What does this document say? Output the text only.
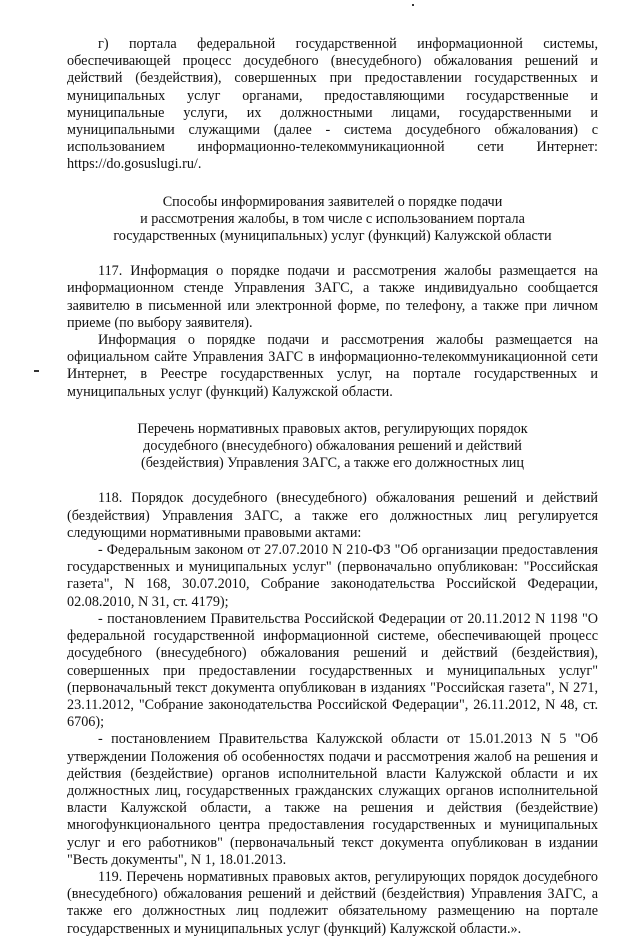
г) портала федеральной государственной информационной системы, обеспечивающей процесс досудебного (внесудебного) обжалования решений и действий (бездействия), совершенных при предоставлении государственных и муниципальных услуг органами, предоставляющими государственные и муниципальные услуги, их должностными лицами, государственными и муниципальными служащими (далее - система досудебного обжалования) с использованием информационно-телекоммуникационной сети Интернет: https://do.gosuslugi.ru/.

Способы информирования заявителей о порядке подачи
и рассмотрения жалобы, в том числе с использованием портала
государственных (муниципальных) услуг (функций) Калужской области

117. Информация о порядке подачи и рассмотрения жалобы размещается на информационном стенде Управления ЗАГС, а также индивидуально сообщается заявителю в письменной или электронной форме, по телефону, а также при личном приеме (по выбору заявителя).

Информация о порядке подачи и рассмотрения жалобы размещается на официальном сайте Управления ЗАГС в информационно-телекоммуникационной сети Интернет, в Реестре государственных услуг, на портале государственных и муниципальных услуг (функций) Калужской области.

Перечень нормативных правовых актов, регулирующих порядок
досудебного (внесудебного) обжалования решений и действий
(бездействия) Управления ЗАГС, а также его должностных лиц

118. Порядок досудебного (внесудебного) обжалования решений и действий (бездействия) Управления ЗАГС, а также его должностных лиц регулируется следующими нормативными правовыми актами:

- Федеральным законом от 27.07.2010 N 210-ФЗ "Об организации предоставления государственных и муниципальных услуг" (первоначально опубликован: "Российская газета", N 168, 30.07.2010, Собрание законодательства Российской Федерации, 02.08.2010, N 31, ст. 4179);

- постановлением Правительства Российской Федерации от 20.11.2012 N 1198 "О федеральной государственной информационной системе, обеспечивающей процесс досудебного (внесудебного) обжалования решений и действий (бездействия), совершенных при предоставлении государственных и муниципальных услуг" (первоначальный текст документа опубликован в изданиях "Российская газета", N 271, 23.11.2012, "Собрание законодательства Российской Федерации", 26.11.2012, N 48, ст. 6706);

- постановлением Правительства Калужской области от 15.01.2013 N 5 "Об утверждении Положения об особенностях подачи и рассмотрения жалоб на решения и действия (бездействие) органов исполнительной власти Калужской области и их должностных лиц, государственных гражданских служащих органов исполнительной власти Калужской области, а также на решения и действия (бездействие) многофункционального центра предоставления государственных и муниципальных услуг и его работников" (первоначальный текст документа опубликован в издании "Весть документы", N 1, 18.01.2013.

119. Перечень нормативных правовых актов, регулирующих порядок досудебного (внесудебного) обжалования решений и действий (бездействия) Управления ЗАГС, а также его должностных лиц подлежит обязательному размещению на портале государственных и муниципальных услуг (функций) Калужской области.».
